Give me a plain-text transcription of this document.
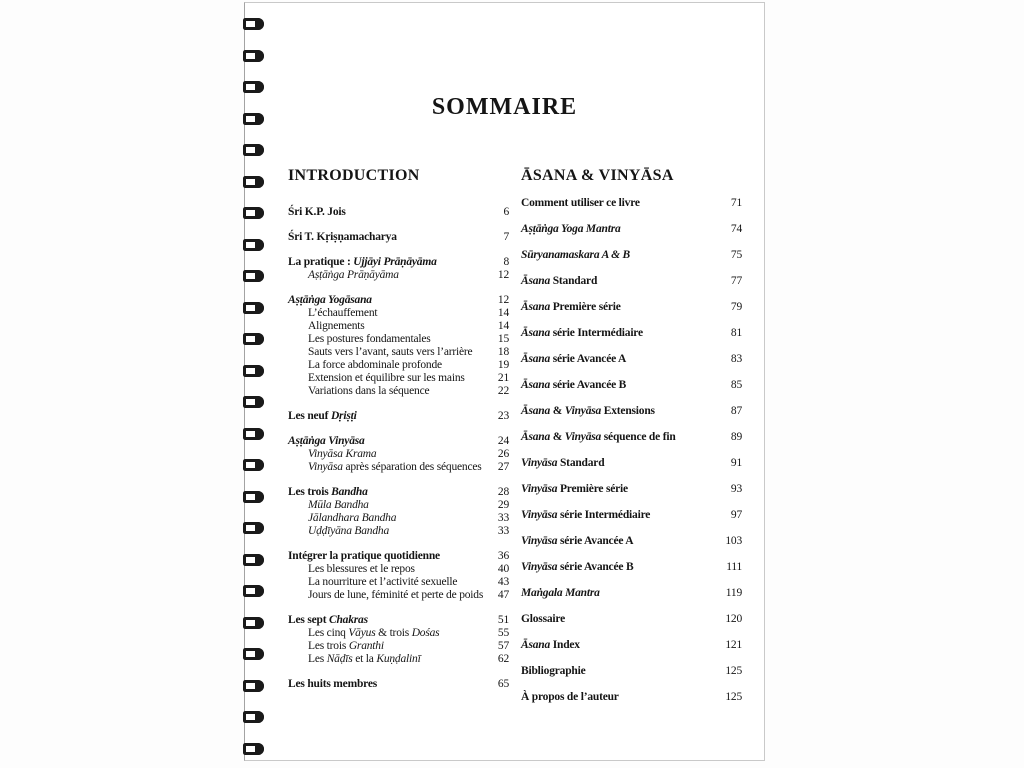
SOMMAIRE
INTRODUCTION
Śri K.P. Jois	6
Śri T. Kṛiṣṇamacharya	7
La pratique : Ujjāyi Prāṇāyāma	8
Aṣṭāṅga Prāṇāyāma	12
Aṣṭāṅga Yogāsana	12
L’échauffement	14
Alignements	14
Les postures fondamentales	15
Sauts vers l’avant, sauts vers l’arrière 18
La force abdominale profonde	19
Extension et équilibre sur les mains	21
Variations dans la séquence	22
Les neuf Dṛiṣṭi	23
Aṣṭāṅga Vinyāsa	24
Vinyāsa Krama	26
Vinyāsa après séparation des séquences 27
Les trois Bandha	28
Mūla Bandha	29
Jālandhara Bandha	33
Uḍḍīyāna Bandha	33
Intégrer la pratique quotidienne	36
Les blessures et le repos	40
La nourriture et l’activité sexuelle	43
Jours de lune, féminité et perte de poids 47
Les sept Chakras	51
Les cinq Vāyus & trois Dośas	55
Les trois Granthi	57
Les Nāḍīs et la Kuṇḍalinī	62
Les huits membres	65
ĀSANA & VINYĀSA
Comment utiliser ce livre	71
Aṣṭāṅga Yoga Mantra	74
Sūryanamaskara A & B	75
Āsana Standard	77
Āsana Première série	79
Āsana série Intermédiaire	81
Āsana série Avancée A	83
Āsana série Avancée B	85
Āsana & Vinyāsa Extensions	87
Āsana & Vinyāsa séquence de fin	89
Vinyāsa Standard	91
Vinyāsa Première série	93
Vinyāsa série Intermédiaire	97
Vinyāsa série Avancée A	103
Vinyāsa série Avancée B	111
Maṅgala Mantra	119
Glossaire	120
Āsana Index	121
Bibliographie	125
À propos de l’auteur	125
